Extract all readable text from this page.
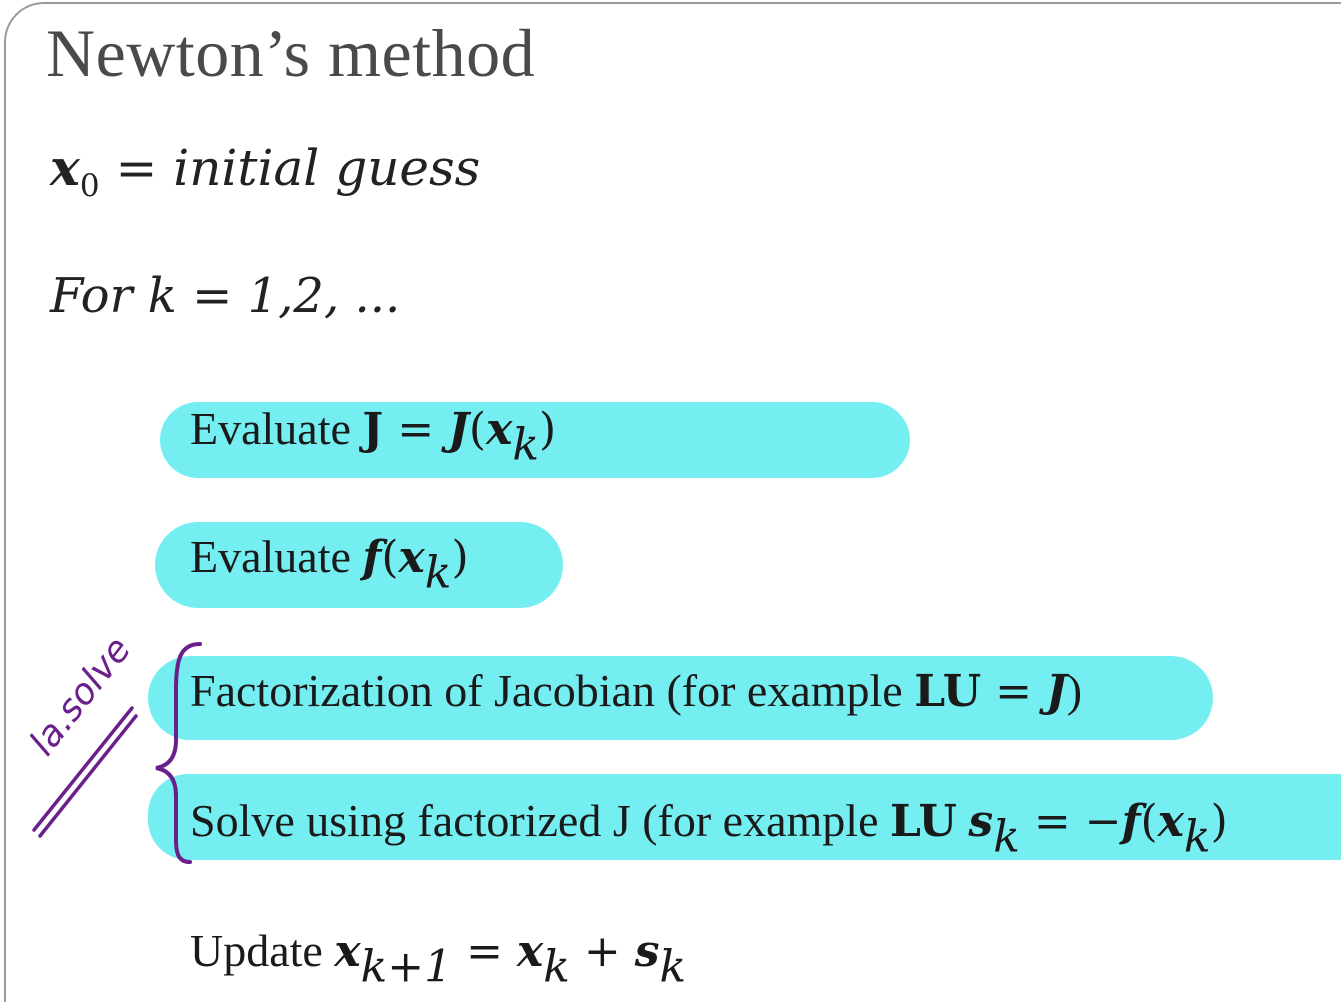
Newton’s method
$x_0$ = initial guess
For k = 1,2, ...
Evaluate $J = J(x_k)$
Evaluate $f(x_k)$
Factorization of Jacobian (for example LU = J)
Solve using factorized J (for example LU $s_k = -f(x_k)$
Update $x_{k+1} = x_k + s_k$
la.solve
